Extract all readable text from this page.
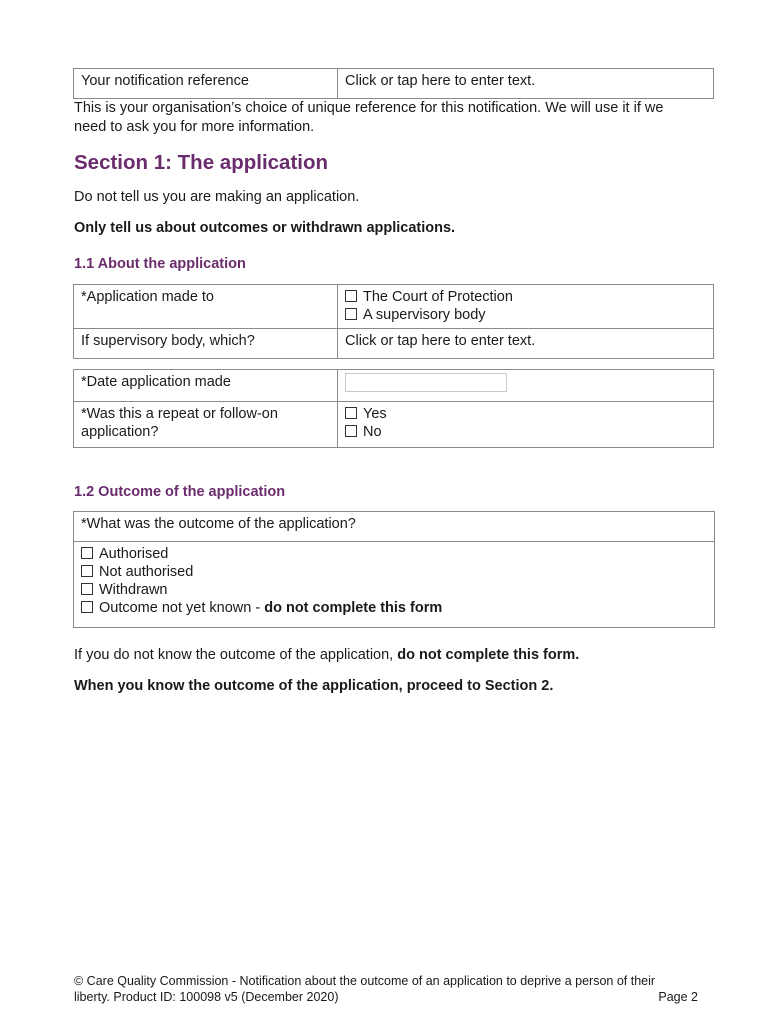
Your notification reference	Click or tap here to enter text.
This is your organisation’s choice of unique reference for this notification. We will use it if we need to ask you for more information.
Section 1: The application
Do not tell us you are making an application.
Only tell us about outcomes or withdrawn applications.
1.1 About the application
*Application made to	The Court of Protection
A supervisory body

If supervisory body, which?	Click or tap here to enter text.
*Date application made	
*Was this a repeat or follow-on application?	Yes
No
1.2 Outcome of the application
*What was the outcome of the application?

Authorised
Not authorised
Withdrawn
Outcome not yet known - do not complete this form
If you do not know the outcome of the application, do not complete this form.
When you know the outcome of the application, proceed to Section 2.
© Care Quality Commission - Notification about the outcome of an application to deprive a person of their liberty. Product ID: 100098 v5 (December 2020)	Page 2
